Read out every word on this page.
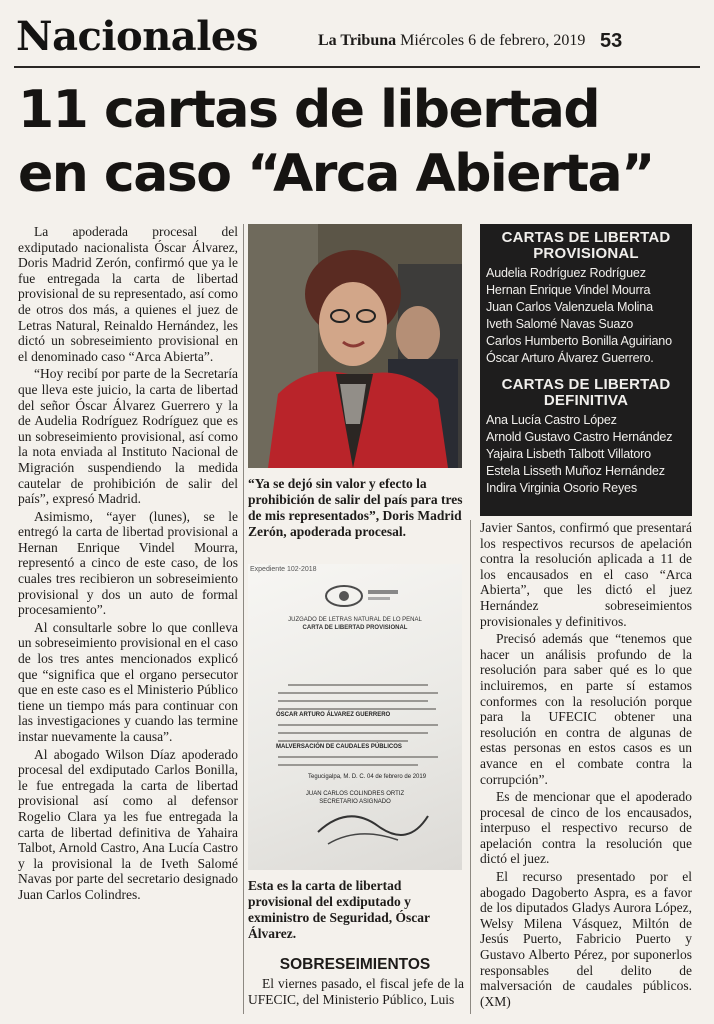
Nacionales	La Tribuna Miércoles 6 de febrero, 2019 53
11 cartas de libertad
en caso “Arca Abierta”

La apoderada procesal del exdiputado nacionalista Óscar Álvarez, Doris Madrid Zerón, confirmó que ya le fue entregada la carta de libertad provisional de su representado, así como de otros dos más, a quienes el juez de Letras Natural, Reinaldo Hernández, les dictó un sobreseimiento provisional en el denominado caso “Arca Abierta”.

“Hoy recibí por parte de la Secretaría que lleva este juicio, la carta de libertad del señor Óscar Álvarez Guerrero y la de Audelia Rodríguez Rodríguez que es un sobreseimiento provisional, así como la nota enviada al Instituto Nacional de Migración suspendiendo la medida cautelar de prohibición de salir del país”, expresó Madrid.

Asimismo, “ayer (lunes), se le entregó la carta de libertad provisional a Hernan Enrique Vindel Mourra, representó a cinco de este caso, de los cuales tres recibieron un sobreseimiento provisional y dos un auto de formal procesamiento”.

Al consultarle sobre lo que conlleva un sobreseimiento provisional en el caso de los tres antes mencionados explicó que “significa que el organo persecutor que en este caso es el Ministerio Público tiene un tiempo más para continuar con las investigaciones y cuando las termine instar nuevamente la causa”.

Al abogado Wilson Díaz apoderado procesal del exdiputado Carlos Bonilla, le fue entregada la carta de libertad provisional así como al defensor Rogelio Clara ya les fue entregada la carta de libertad definitiva de Yahaira Talbot, Arnold Castro, Ana Lucía Castro y la provisional la de Iveth Salomé Navas por parte del secretario designado Juan Carlos Colindres.

“Ya se dejó sin valor y efecto la prohibición de salir del país para tres de mis representados”, Doris Madrid Zerón, apoderada procesal.

Expediente 102-2018
JUZGADO DE LETRAS NATURAL DE LO PENAL
CARTA DE LIBERTAD PROVISIONAL
ÓSCAR ARTURO ÁLVAREZ GUERRERO
MALVERSACIÓN DE CAUDALES PÚBLICOS
Tegucigalpa, M. D. C. 04 de febrero de 2019
JUAN CARLOS COLINDRES ORTIZ
SECRETARIO ASIGNADO

Esta es la carta de libertad provisional del exdiputado y exministro de Seguridad, Óscar Álvarez.

CARTAS DE LIBERTAD PROVISIONAL
Audelia Rodríguez Rodríguez
Hernan Enrique Vindel Mourra
Juan Carlos Valenzuela Molina
Iveth Salomé Navas Suazo
Carlos Humberto Bonilla Aguiriano
Óscar Arturo Álvarez Guerrero.
CARTAS DE LIBERTAD DEFINITIVA
Ana Lucía Castro López
Arnold Gustavo Castro Hernández
Yajaira Lisbeth Talbott Villatoro
Estela Lisseth Muñoz Hernández
Indira Virginia Osorio Reyes

Javier Santos, confirmó que presentará los respectivos recursos de apelación contra la resolución aplicada a 11 de los encausados en el caso “Arca Abierta”, que les dictó el juez Hernández sobreseimientos provisionales y definitivos.

Precisó además que “tenemos que hacer un análisis profundo de la resolución para saber qué es lo que incluiremos, en parte sí estamos conformes con la resolución porque para la UFECIC obtener una resolución en contra de algunas de estas personas en estos casos es un avance en el combate contra la corrupción”.

Es de mencionar que el apoderado procesal de cinco de los encausados, interpuso el respectivo recurso de apelación contra la resolución que dictó el juez.

El recurso presentado por el abogado Dagoberto Aspra, es a favor de los diputados Gladys Aurora López, Welsy Milena Vásquez, Miltón de Jesús Puerto, Fabricio Puerto y Gustavo Alberto Pérez, por suponerlos responsables del delito de malversación de caudales públicos. (XM)

SOBRESEIMIENTOS

El viernes pasado, el fiscal jefe de la UFECIC, del Ministerio Público, Luis
